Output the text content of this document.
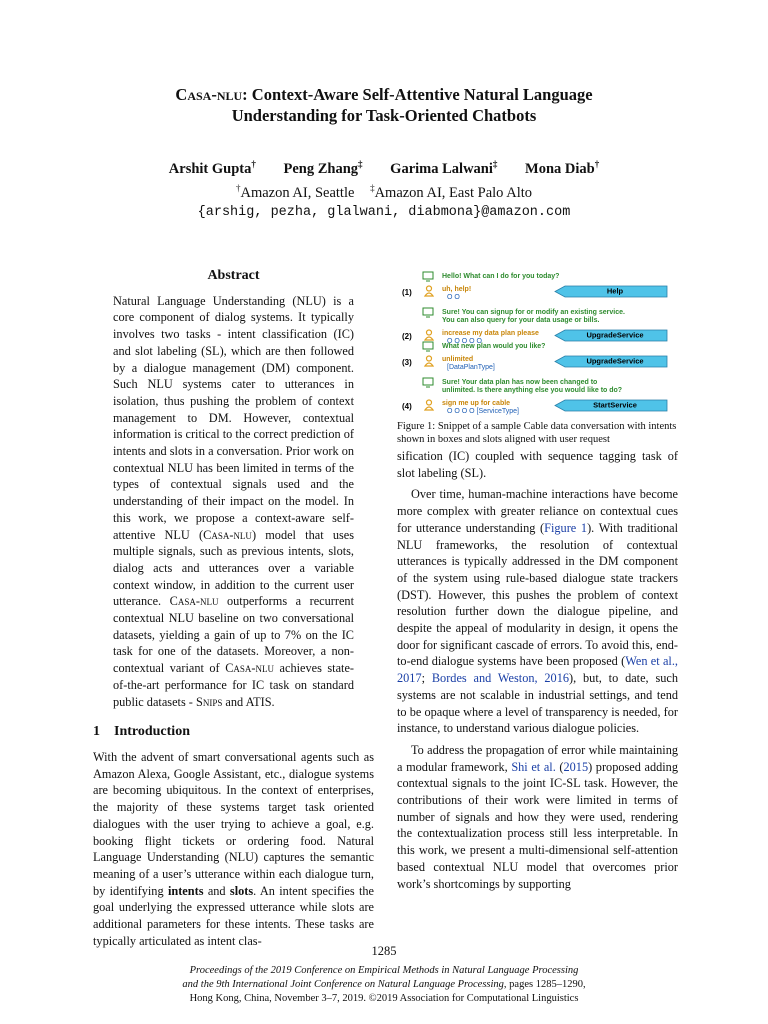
Casa-nlu: Context-Aware Self-Attentive Natural Language
Understanding for Task-Oriented Chatbots
Arshit Gupta† Peng Zhang‡ Garima Lalwani‡ Mona Diab†
†Amazon AI, Seattle ‡Amazon AI, East Palo Alto
{arshig, pezha, glalwani, diabmona}@amazon.com
Abstract

Natural Language Understanding (NLU) is a core component of dialog systems. It typically involves two tasks - intent classification (IC) and slot labeling (SL), which are then followed by a dialogue management (DM) component. Such NLU systems cater to utterances in isolation, thus pushing the problem of context management to DM. However, contextual information is critical to the correct prediction of intents and slots in a conversation. Prior work on contextual NLU has been limited in terms of the types of contextual signals used and the understanding of their impact on the model. In this work, we propose a context-aware self-attentive NLU (Casa-nlu) model that uses multiple signals, such as previous intents, slots, dialog acts and utterances over a variable context window, in addition to the current user utterance. Casa-nlu outperforms a recurrent contextual NLU baseline on two conversational datasets, yielding a gain of up to 7% on the IC task for one of the datasets. Moreover, a non-contextual variant of Casa-nlu achieves state-of-the-art performance for IC task on standard public datasets - Snips and ATIS.

1 Introduction

With the advent of smart conversational agents such as Amazon Alexa, Google Assistant, etc., dialogue systems are becoming ubiquitous. In the context of enterprises, the majority of these systems target task oriented dialogues with the user trying to achieve a goal, e.g. booking flight tickets or ordering food. Natural Language Understanding (NLU) captures the semantic meaning of a user’s utterance within each dialogue turn, by identifying intents and slots. An intent specifies the goal underlying the expressed utterance while slots are additional parameters for these intents. These tasks are typically articulated as intent clas-

Hello! What can I do for you today?
(1)	uh, help!
O O
Help
Sure! You can signup for or modify an existing service.
You can also query for your data usage or bills.
(2)	increase my data plan please
O O O O O
UpgradeService
What new plan would you like?
(3)	unlimited
[DataPlanType]
UpgradeService
Sure! Your data plan has now been changed to
unlimited. Is there anything else you would like to do?
(4)	sign me up for cable
O O O O [ServiceType]
StartService
Figure 1: Snippet of a sample Cable data conversation with intents shown in boxes and slots aligned with user request

sification (IC) coupled with sequence tagging task of slot labeling (SL).

Over time, human-machine interactions have become more complex with greater reliance on contextual cues for utterance understanding (Figure 1). With traditional NLU frameworks, the resolution of contextual utterances is typically addressed in the DM component of the system using rule-based dialogue state trackers (DST). However, this pushes the problem of context resolution further down the dialogue pipeline, and despite the appeal of modularity in design, it opens the door for significant cascade of errors. To avoid this, end-to-end dialogue systems have been proposed (Wen et al., 2017; Bordes and Weston, 2016), but, to date, such systems are not scalable in industrial settings, and tend to be opaque where a level of transparency is needed, for instance, to understand various dialogue policies.

To address the propagation of error while maintaining a modular framework, Shi et al. (2015) proposed adding contextual signals to the joint IC-SL task. However, the contributions of their work were limited in terms of number of signals and how they were used, rendering the contextualization process still less interpretable. In this work, we present a multi-dimensional self-attention based contextual NLU model that overcomes prior work’s shortcomings by supporting

1285
Proceedings of the 2019 Conference on Empirical Methods in Natural Language Processing
and the 9th International Joint Conference on Natural Language Processing, pages 1285–1290,
Hong Kong, China, November 3–7, 2019. ©2019 Association for Computational Linguistics
